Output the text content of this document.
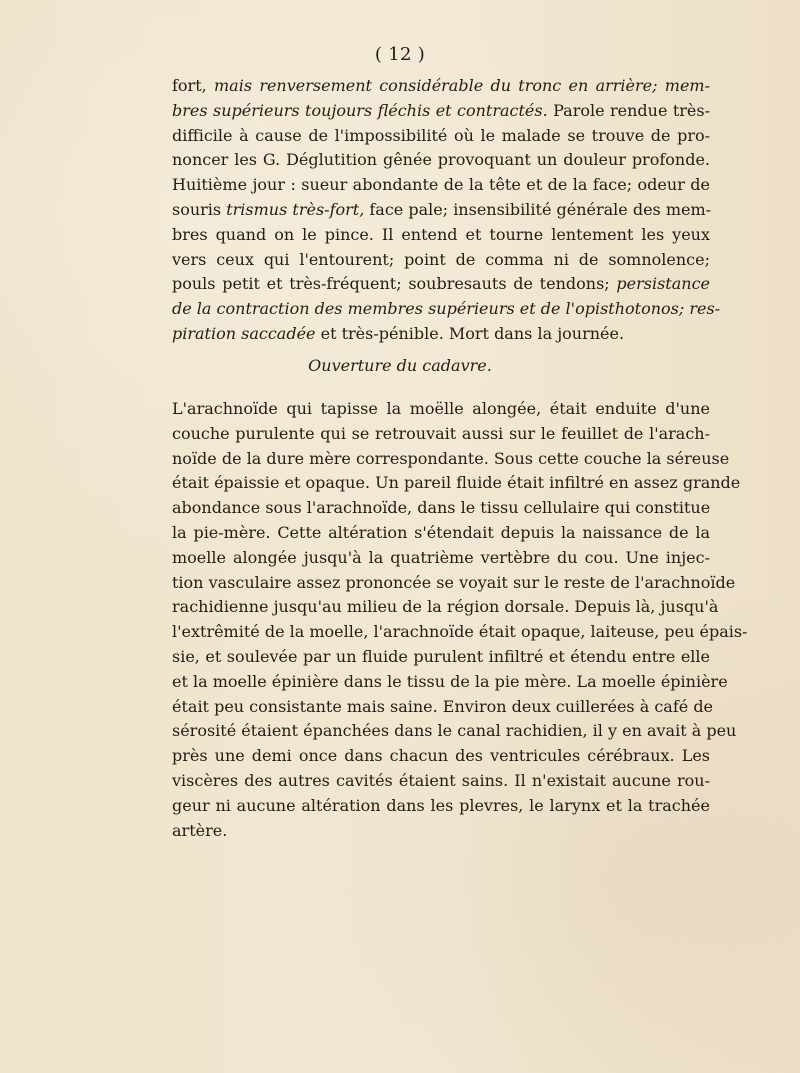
( 12 )
fort, mais renversement considérable du tronc en arrière; mem-
bres supérieurs toujours fléchis et contractés. Parole rendue très-
difficile à cause de l'impossibilité où le malade se trouve de pro-
noncer les G. Déglutition gênée provoquant un douleur profonde.
Huitième jour : sueur abondante de la tête et de la face; odeur de
souris trismus très-fort, face pale; insensibilité générale des mem-
bres quand on le pince. Il entend et tourne lentement les yeux
vers ceux qui l'entourent; point de comma ni de somnolence;
pouls petit et très-fréquent; soubresauts de tendons; persistance
de la contraction des membres supérieurs et de l'opisthotonos; res-
piration saccadée et très-pénible. Mort dans la journée.
Ouverture du cadavre.
L'arachnoïde qui tapisse la moëlle alongée, était enduite d'une
couche purulente qui se retrouvait aussi sur le feuillet de l'arach-
noïde de la dure mère correspondante. Sous cette couche la séreuse
était épaissie et opaque. Un pareil fluide était infiltré en assez grande
abondance sous l'arachnoïde, dans le tissu cellulaire qui constitue
la pie-mère. Cette altération s'étendait depuis la naissance de la
moelle alongée jusqu'à la quatrième vertèbre du cou. Une injec-
tion vasculaire assez prononcée se voyait sur le reste de l'arachnoïde
rachidienne jusqu'au milieu de la région dorsale. Depuis là, jusqu'à
l'extrêmité de la moelle, l'arachnoïde était opaque, laiteuse, peu épais-
sie, et soulevée par un fluide purulent infiltré et étendu entre elle
et la moelle épinière dans le tissu de la pie mère. La moelle épinière
était peu consistante mais saine. Environ deux cuillerées à café de
sérosité étaient épanchées dans le canal rachidien, il y en avait à peu
près une demi once dans chacun des ventricules cérébraux. Les
viscères des autres cavités étaient sains. Il n'existait aucune rou-
geur ni aucune altération dans les plevres, le larynx et la trachée
artère.
